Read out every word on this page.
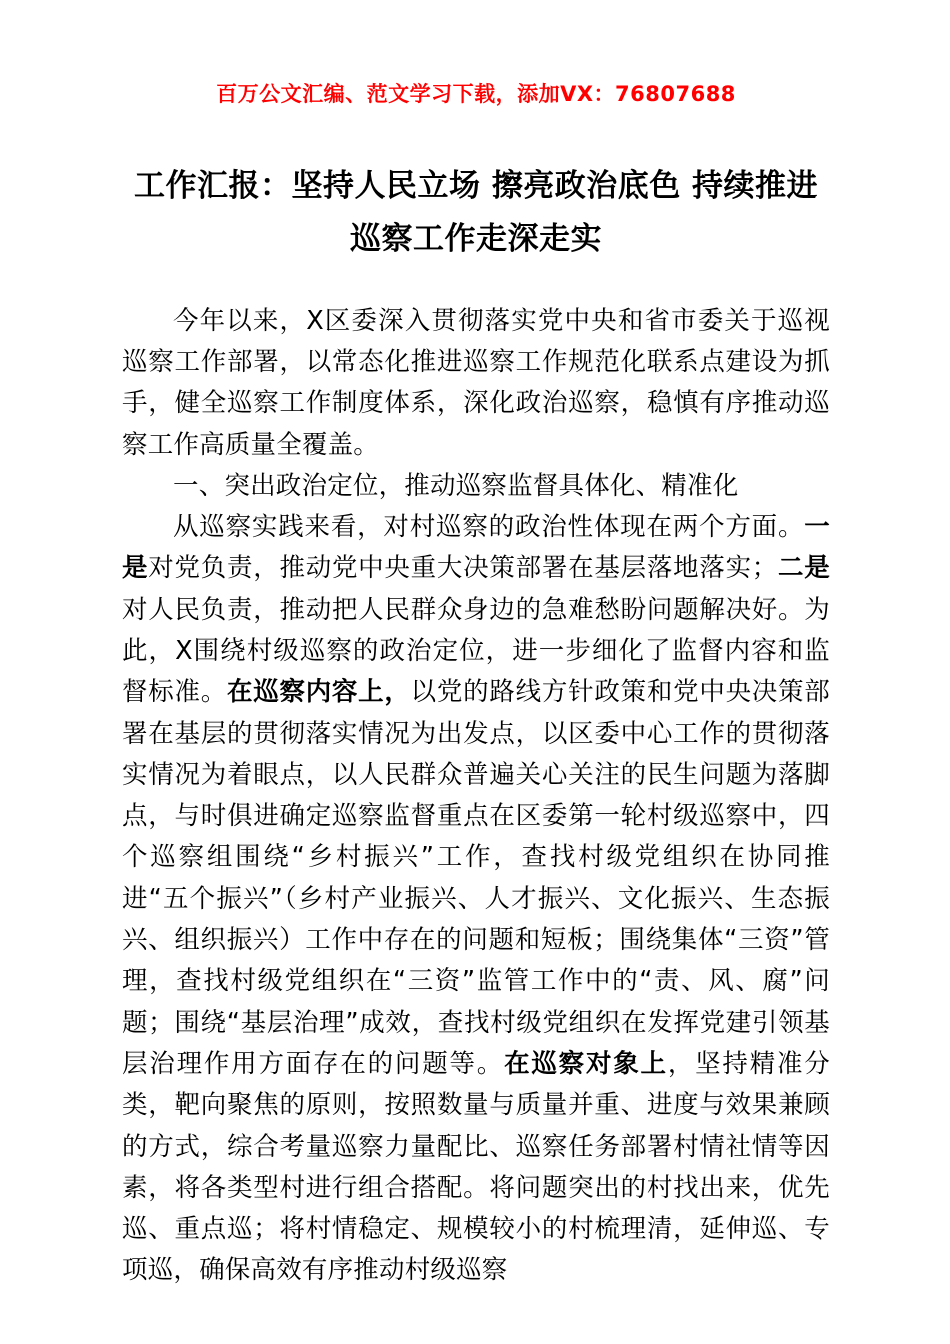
百万公文汇编、范文学习下载，添加VX：76807688
工作汇报：坚持人民立场 擦亮政治底色 持续推进巡察工作走深走实

今年以来，X区委深入贯彻落实党中央和省市委关于巡视巡察工作部署，以常态化推进巡察工作规范化联系点建设为抓手，健全巡察工作制度体系，深化政治巡察，稳慎有序推动巡察工作高质量全覆盖。

一、突出政治定位，推动巡察监督具体化、精准化

从巡察实践来看，对村巡察的政治性体现在两个方面。一是对党负责，推动党中央重大决策部署在基层落地落实；二是对人民负责，推动把人民群众身边的急难愁盼问题解决好。为此，X围绕村级巡察的政治定位，进一步细化了监督内容和监督标准。在巡察内容上，以党的路线方针政策和党中央决策部署在基层的贯彻落实情况为出发点，以区委中心工作的贯彻落实情况为着眼点，以人民群众普遍关心关注的民生问题为落脚点，与时俱进确定巡察监督重点在区委第一轮村级巡察中，四个巡察组围绕“乡村振兴”工作，查找村级党组织在协同推进“五个振兴”（乡村产业振兴、人才振兴、文化振兴、生态振兴、组织振兴）工作中存在的问题和短板；围绕集体“三资”管理，查找村级党组织在“三资”监管工作中的“责、风、腐”问题；围绕“基层治理”成效，查找村级党组织在发挥党建引领基层治理作用方面存在的问题等。在巡察对象上，坚持精准分类，靶向聚焦的原则，按照数量与质量并重、进度与效果兼顾的方式，综合考量巡察力量配比、巡察任务部署村情社情等因素，将各类型村进行组合搭配。将问题突出的村找出来，优先巡、重点巡；将村情稳定、规模较小的村梳理清，延伸巡、专项巡，确保高效有序推动村级巡察
